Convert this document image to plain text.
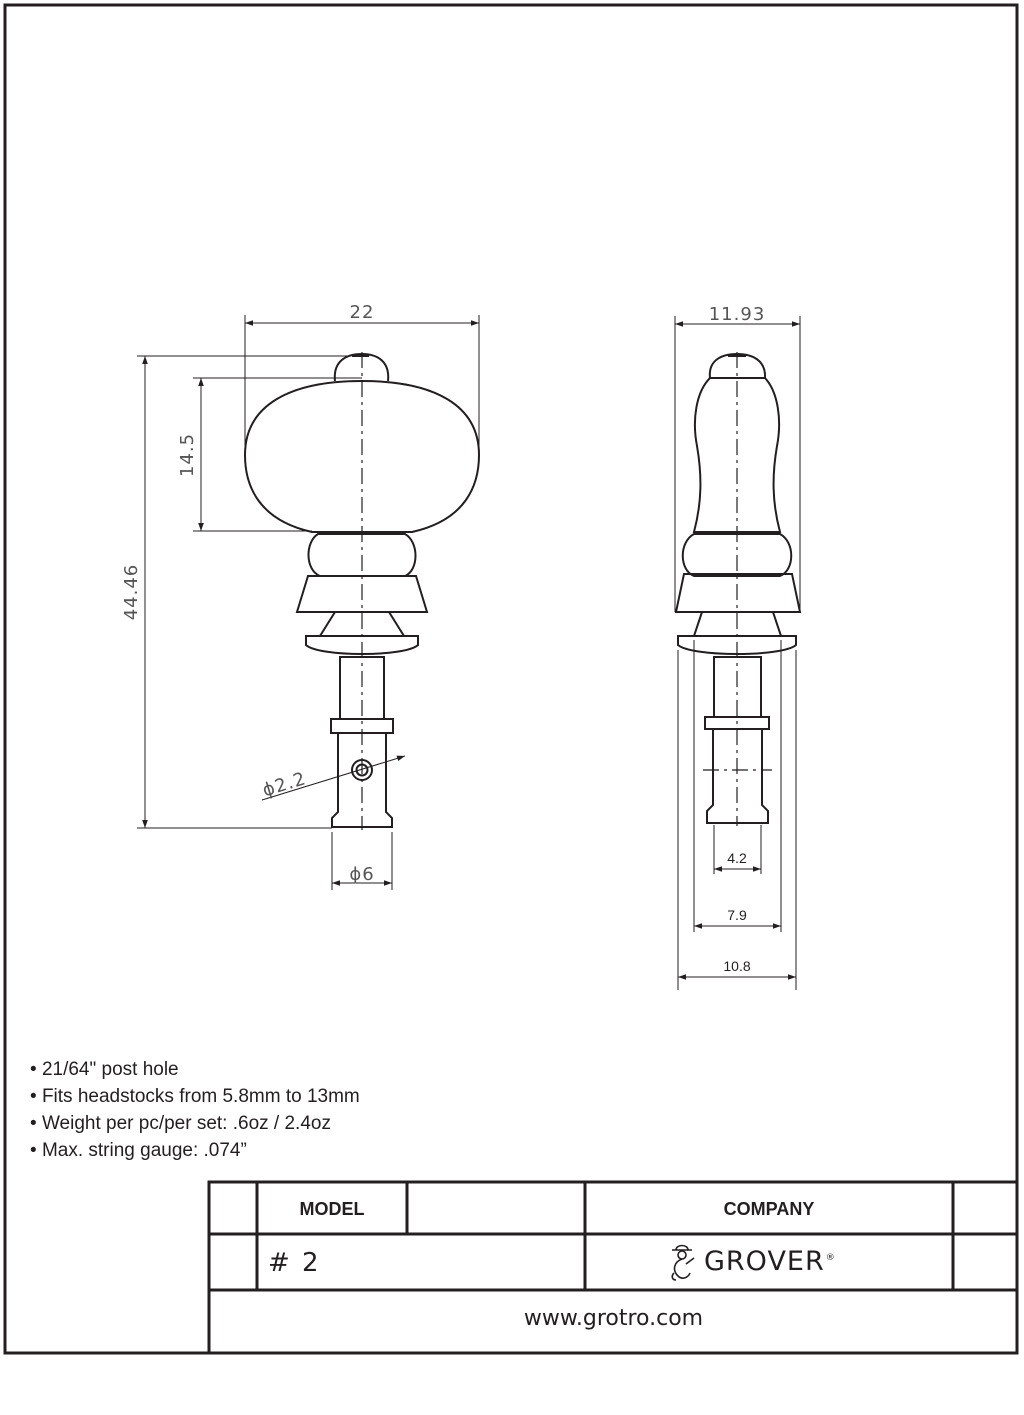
22
14.5
44.46
ϕ2.2
ϕ6
11.93
4.2
7.9
10.8
• 21/64" post hole
• Fits headstocks from 5.8mm to 13mm
• Weight per pc/per set: .6oz / 2.4oz
• Max. string gauge: .074”
MODEL	COMPANY
# 2	GROVER®
www.grotro.com
